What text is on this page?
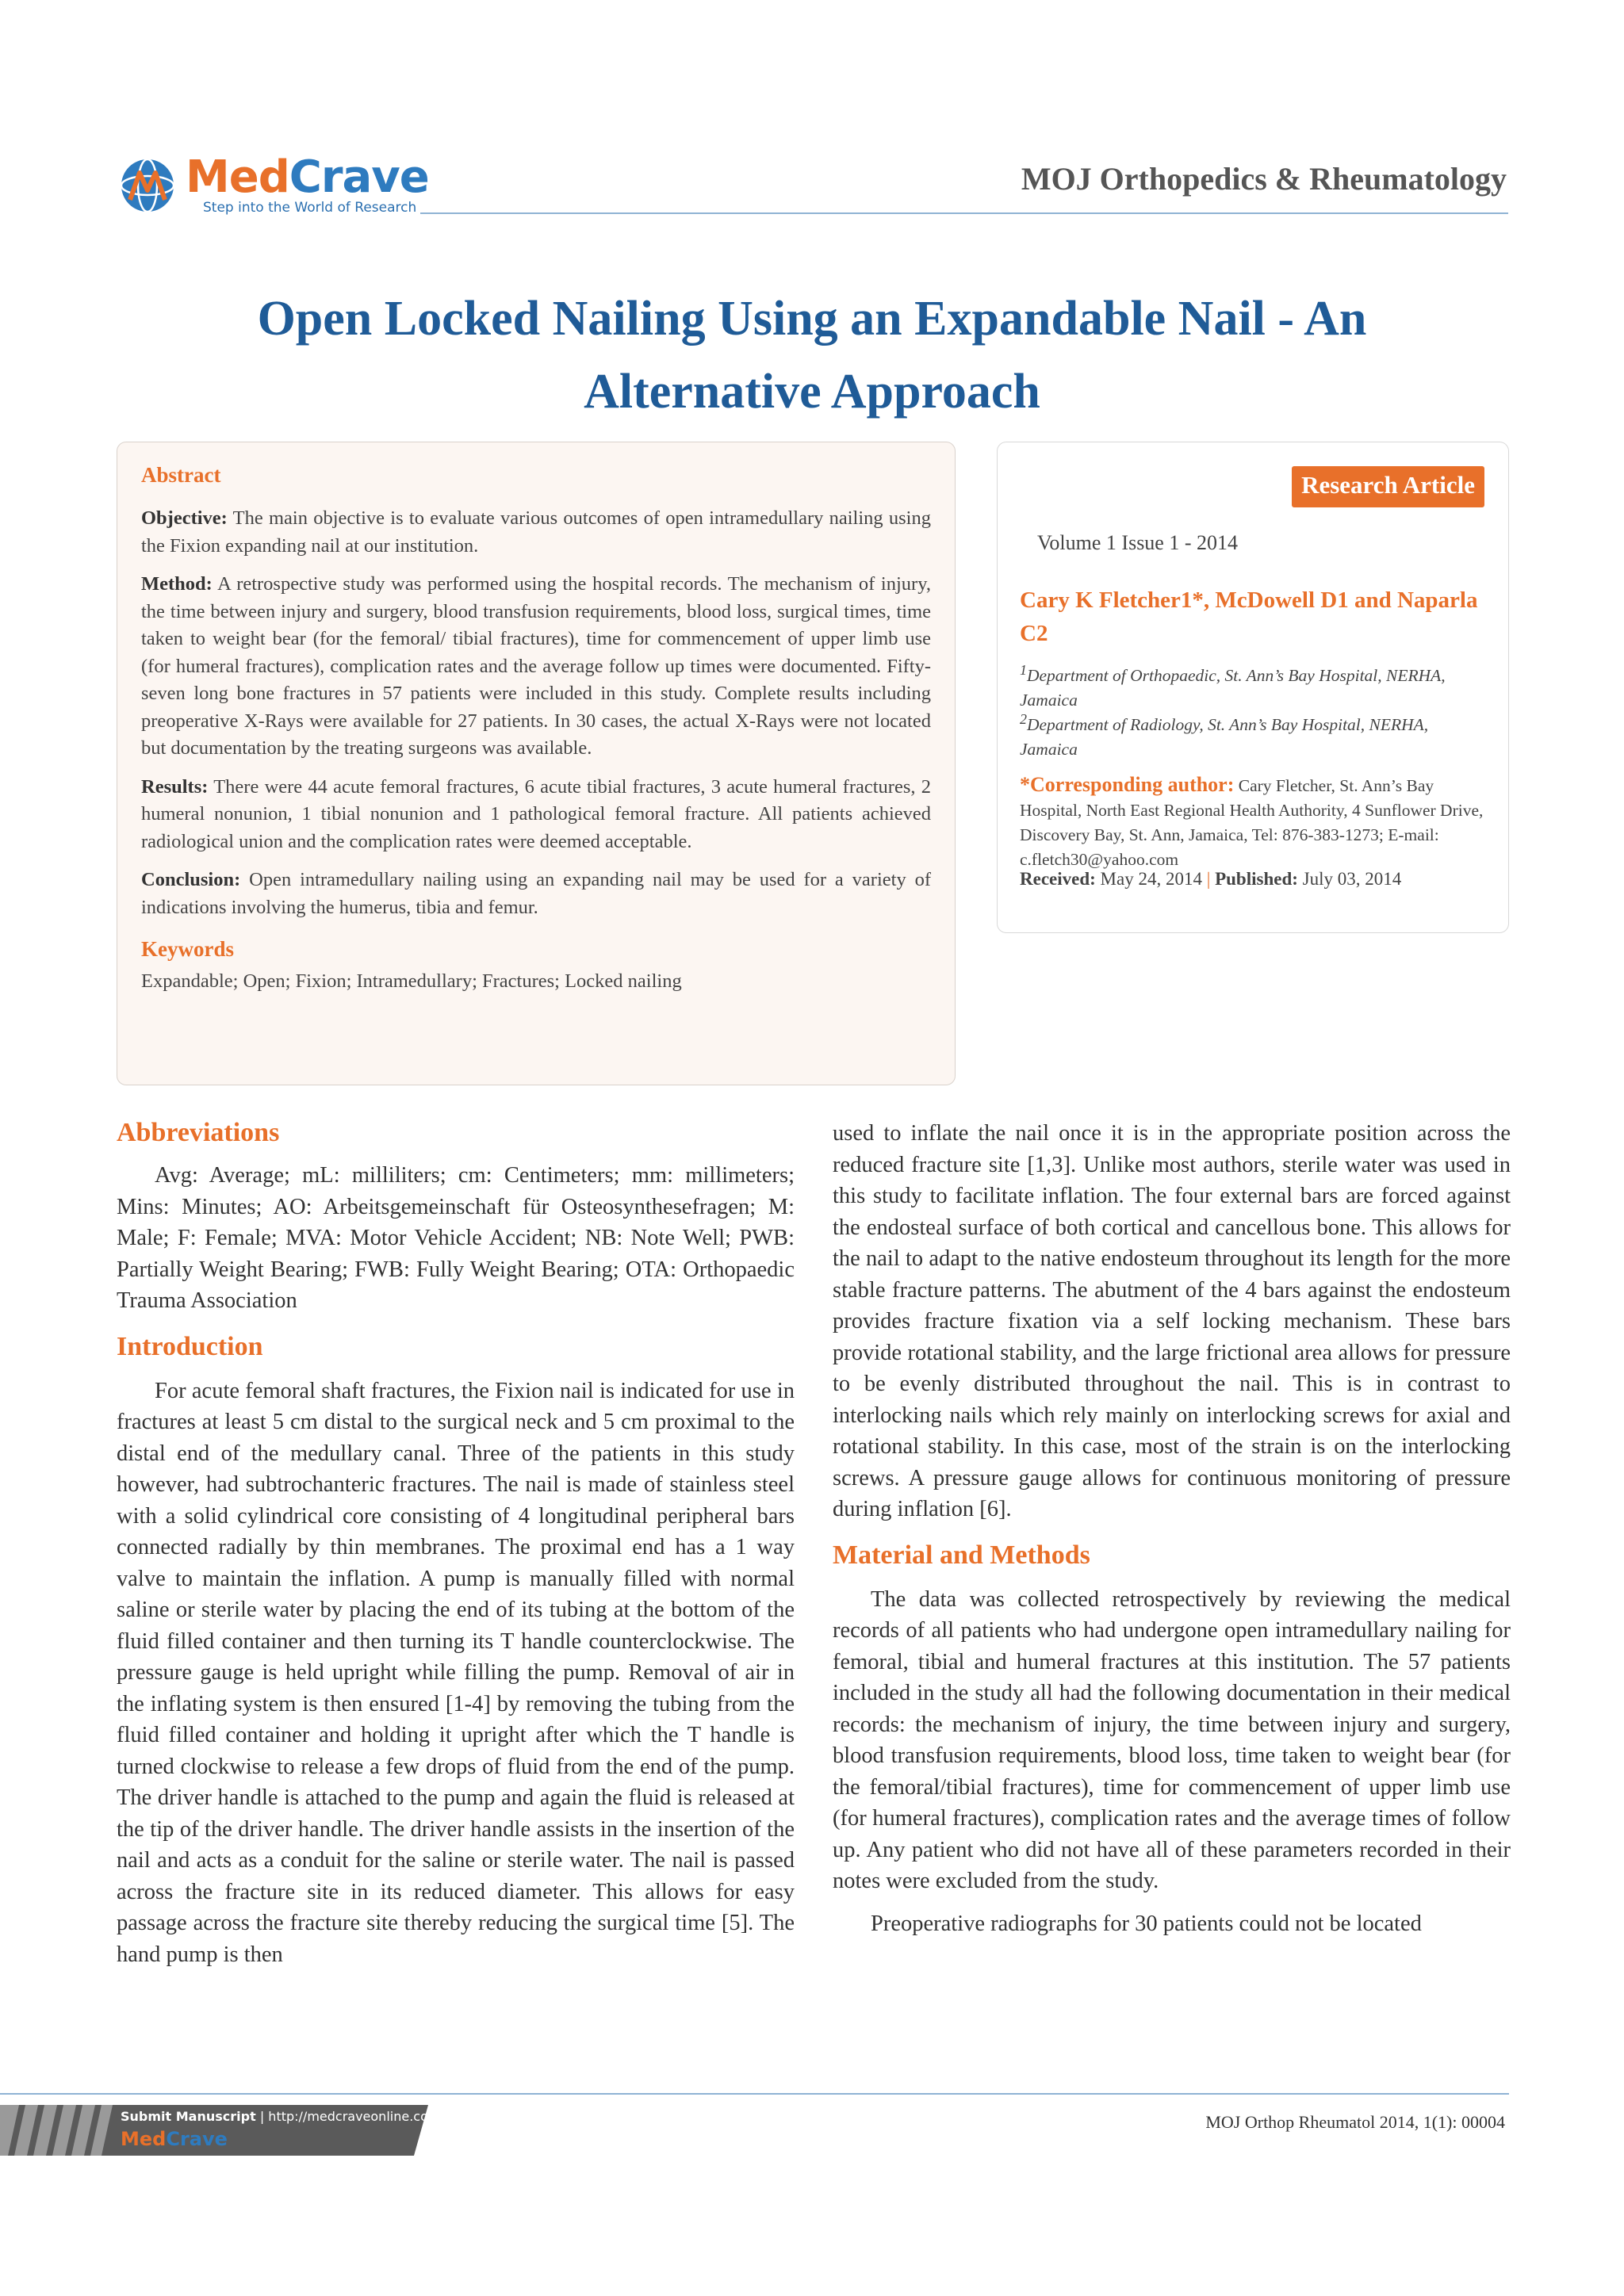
MedCrave
Step into the World of Research
MOJ Orthopedics & Rheumatology
Open Locked Nailing Using an Expandable Nail - An
Alternative Approach
Abstract

Objective: The main objective is to evaluate various outcomes of open intramedullary nailing using the Fixion expanding nail at our institution.

Method: A retrospective study was performed using the hospital records. The mechanism of injury, the time between injury and surgery, blood transfusion requirements, blood loss, surgical times, time taken to weight bear (for the femoral/ tibial fractures), time for commencement of upper limb use (for humeral fractures), complication rates and the average follow up times were documented. Fifty-seven long bone fractures in 57 patients were included in this study. Complete results including preoperative X-Rays were available for 27 patients. In 30 cases, the actual X-Rays were not located but documentation by the treating surgeons was available.

Results: There were 44 acute femoral fractures, 6 acute tibial fractures, 3 acute humeral fractures, 2 humeral nonunion, 1 tibial nonunion and 1 pathological femoral fracture. All patients achieved radiological union and the complication rates were deemed acceptable.

Conclusion: Open intramedullary nailing using an expanding nail may be used for a variety of indications involving the humerus, tibia and femur.

Keywords

Expandable; Open; Fixion; Intramedullary; Fractures; Locked nailing

Research Article
Volume 1 Issue 1 - 2014
Cary K Fletcher1*, McDowell D1 and Naparla C2
$^1$Department of Orthopaedic, St. Ann’s Bay Hospital, NERHA, Jamaica
$^2$Department of Radiology, St. Ann’s Bay Hospital, NERHA, Jamaica
*Corresponding author: Cary Fletcher, St. Ann’s Bay Hospital, North East Regional Health Authority, 4 Sunflower Drive, Discovery Bay, St. Ann, Jamaica, Tel: 876-383-1273; E-mail: c.fletch30@yahoo.com
Received: May 24, 2014 | Published: July 03, 2014
Abbreviations

Avg: Average; mL: milliliters; cm: Centimeters; mm: millimeters; Mins: Minutes; AO: Arbeitsgemeinschaft für Osteosynthesefragen; M: Male; F: Female; MVA: Motor Vehicle Accident; NB: Note Well; PWB: Partially Weight Bearing; FWB: Fully Weight Bearing; OTA: Orthopaedic Trauma Association

Introduction

For acute femoral shaft fractures, the Fixion nail is indicated for use in fractures at least 5 cm distal to the surgical neck and 5 cm proximal to the distal end of the medullary canal. Three of the patients in this study however, had subtrochanteric fractures. The nail is made of stainless steel with a solid cylindrical core consisting of 4 longitudinal peripheral bars connected radially by thin membranes. The proximal end has a 1 way valve to maintain the inflation. A pump is manually filled with normal saline or sterile water by placing the end of its tubing at the bottom of the fluid filled container and then turning its T handle counterclockwise. The pressure gauge is held upright while filling the pump. Removal of air in the inflating system is then ensured [1-4] by removing the tubing from the fluid filled container and holding it upright after which the T handle is turned clockwise to release a few drops of fluid from the end of the pump. The driver handle is attached to the pump and again the fluid is released at the tip of the driver handle. The driver handle assists in the insertion of the nail and acts as a conduit for the saline or sterile water. The nail is passed across the fracture site in its reduced diameter. This allows for easy passage across the fracture site thereby reducing the surgical time [5]. The hand pump is then

used to inflate the nail once it is in the appropriate position across the reduced fracture site [1,3]. Unlike most authors, sterile water was used in this study to facilitate inflation. The four external bars are forced against the endosteal surface of both cortical and cancellous bone. This allows for the nail to adapt to the native endosteum throughout its length for the more stable fracture patterns. The abutment of the 4 bars against the endosteum provides fracture fixation via a self locking mechanism. These bars provide rotational stability, and the large frictional area allows for pressure to be evenly distributed throughout the nail. This is in contrast to interlocking nails which rely mainly on interlocking screws for axial and rotational stability. In this case, most of the strain is on the interlocking screws. A pressure gauge allows for continuous monitoring of pressure during inflation [6].

Material and Methods

The data was collected retrospectively by reviewing the medical records of all patients who had undergone open intramedullary nailing for femoral, tibial and humeral fractures at this institution. The 57 patients included in the study all had the following documentation in their medical records: the mechanism of injury, the time between injury and surgery, blood transfusion requirements, blood loss, time taken to weight bear (for the femoral/tibial fractures), time for commencement of upper limb use (for humeral fractures), complication rates and the average times of follow up. Any patient who did not have all of these parameters recorded in their notes were excluded from the study.

Preoperative radiographs for 30 patients could not be located

Submit Manuscript | http://medcraveonline.com
MedCrave
MOJ Orthop Rheumatol 2014, 1(1): 00004
